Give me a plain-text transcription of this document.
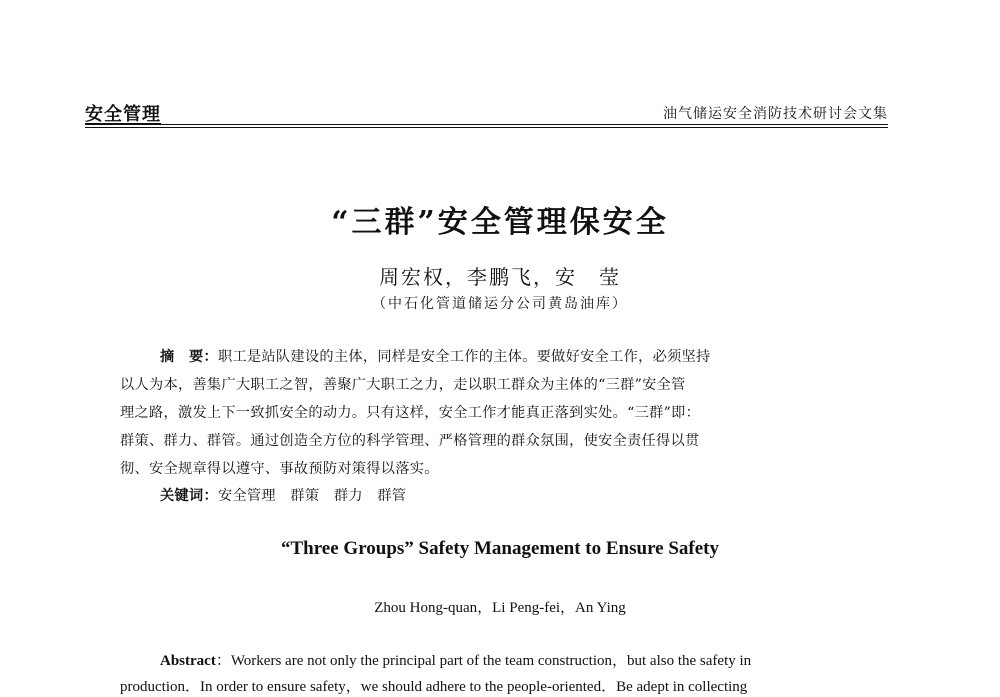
安全管理	油气储运安全消防技术研讨会文集
“三群”安全管理保安全
周宏权，李鹏飞，安　莹
（中石化管道储运分公司黄岛油库）
摘　要：职工是站队建设的主体，同样是安全工作的主体。要做好安全工作，必须坚持
以人为本，善集广大职工之智，善聚广大职工之力，走以职工群众为主体的“三群”安全管
理之路，激发上下一致抓安全的动力。只有这样，安全工作才能真正落到实处。“三群”即：
群策、群力、群管。通过创造全方位的科学管理、严格管理的群众氛围，使安全责任得以贯
彻、安全规章得以遵守、事故预防对策得以落实。
关键词：安全管理　群策　群力　群管
“Three Groups” Safety Management to Ensure Safety
Zhou Hong-quan，Li Peng-fei，An Ying
Abstract：Workers are not only the principal part of the team construction，but also the safety in
production．In order to ensure safety，we should adhere to the people-oriented．Be adept in collecting
